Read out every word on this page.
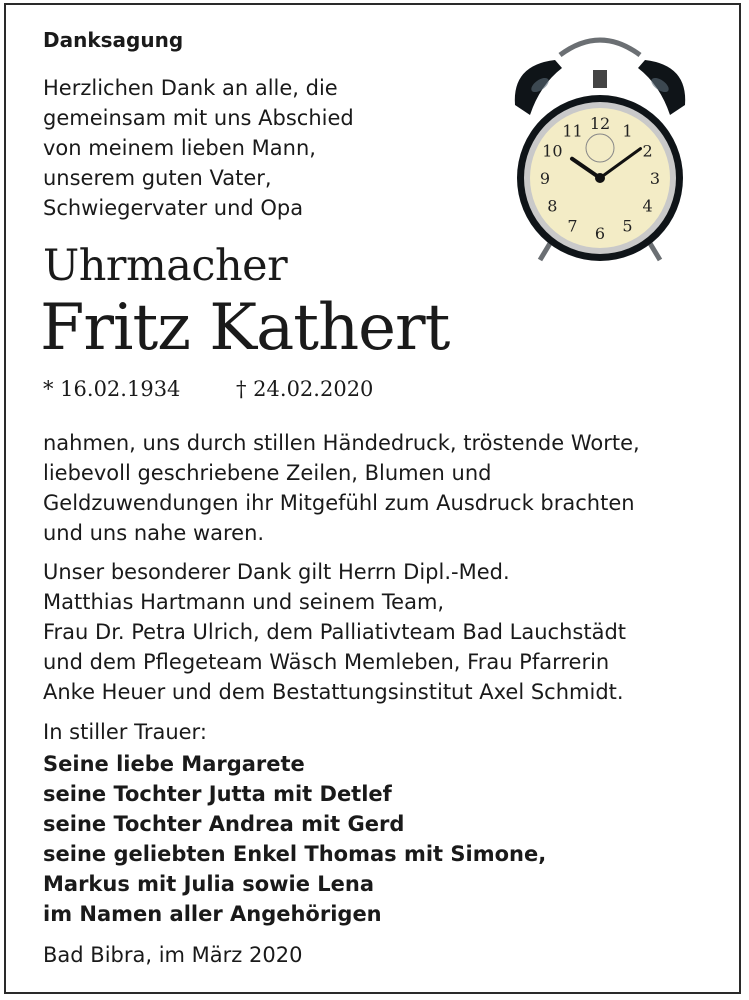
Danksagung
Herzlichen Dank an alle, die
gemeinsam mit uns Abschied
von meinem lieben Mann,
unserem guten Vater,
Schwiegervater und Opa
12 1
2
3
4
5
6
7
8
9
10
11
Uhrmacher
Fritz Kathert
* 16.02.1934	† 24.02.2020
nahmen, uns durch stillen Händedruck, tröstende Worte,
liebevoll geschriebene Zeilen, Blumen und
Geldzuwendungen ihr Mitgefühl zum Ausdruck brachten
und uns nahe waren.
Unser besonderer Dank gilt Herrn Dipl.-Med.
Matthias Hartmann und seinem Team,
Frau Dr. Petra Ulrich, dem Palliativteam Bad Lauchstädt
und dem Pflegeteam Wäsch Memleben, Frau Pfarrerin
Anke Heuer und dem Bestattungsinstitut Axel Schmidt.
In stiller Trauer:
Seine liebe Margarete
seine Tochter Jutta mit Detlef
seine Tochter Andrea mit Gerd
seine geliebten Enkel Thomas mit Simone,
Markus mit Julia sowie Lena
im Namen aller Angehörigen
Bad Bibra, im März 2020
